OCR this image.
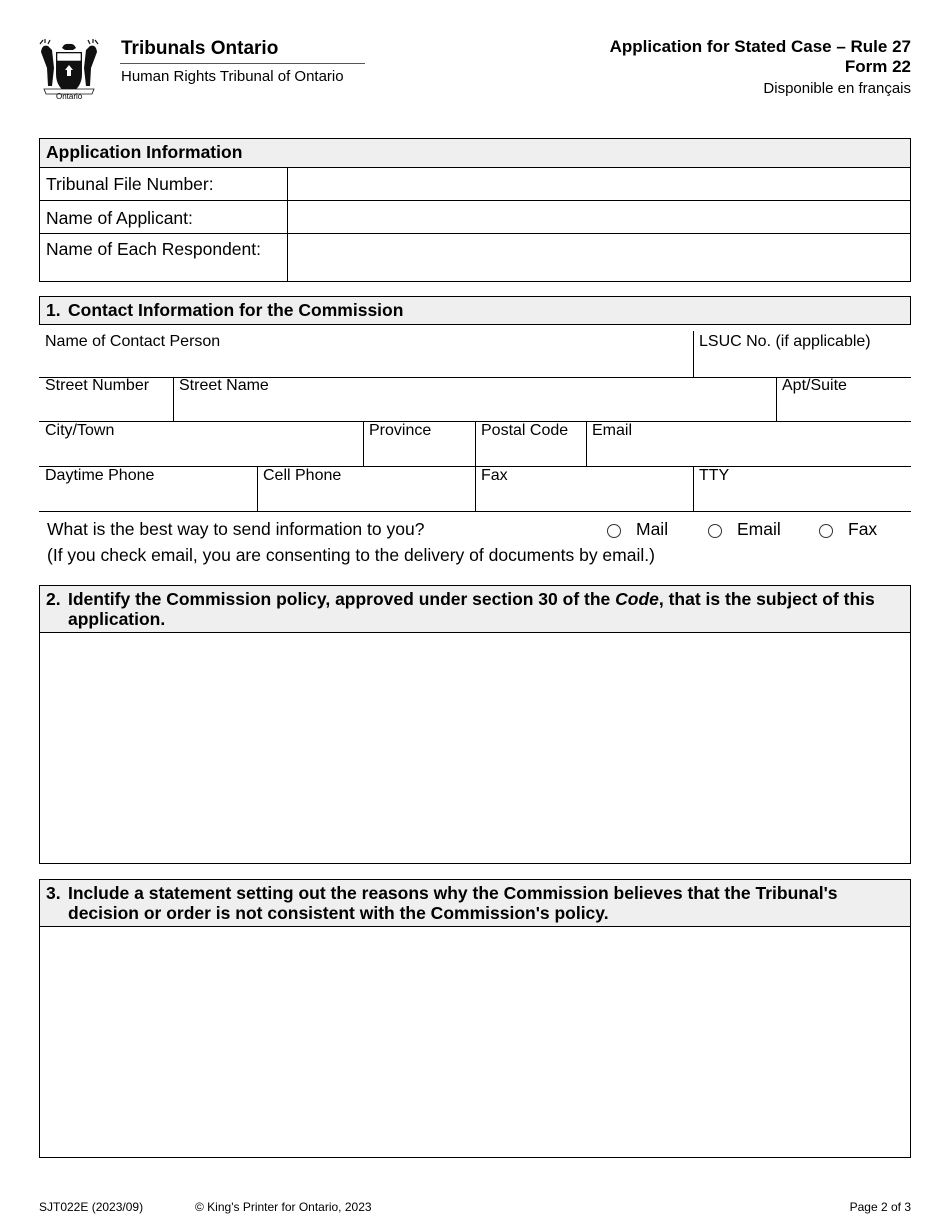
Ontario
Tribunals Ontario
Human Rights Tribunal of Ontario
Application for Stated Case – Rule 27
Form 22
Disponible en français
Application Information
Tribunal File Number:
Name of Applicant:
Name of Each Respondent:
1. Contact Information for the Commission
Name of Contact Person	LSUC No. (if applicable)
Street Number Street Name	Apt/Suite
City/Town	Province	Postal Code Email
Daytime Phone	Cell Phone	Fax	TTY
What is the best way to send information to you?	Mail	Email	Fax
(If you check email, you are consenting to the delivery of documents by email.)
2. Identify the Commission policy, approved under section 30 of the Code, that is the subject of this application.
3. Include a statement setting out the reasons why the Commission believes that the Tribunal's decision or order is not consistent with the Commission's policy.
SJT022E (2023/09)	© King's Printer for Ontario, 2023	Page 2 of 3
